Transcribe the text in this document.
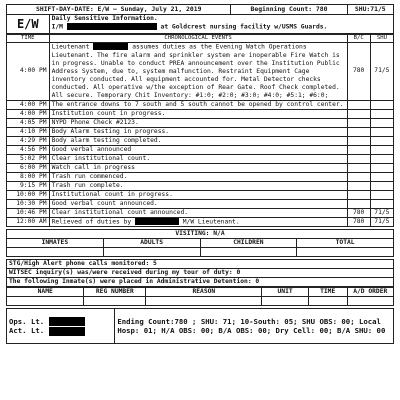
SHIFT-DAY-DATE: E/W – Sunday, July 21, 2019	Beginning Count: 780	SHU:71/5
E/W	Daily Sensitive Information.
I/M	at Goldcrest nursing facility w/USMS Guards.
TIME	CHRONOLOGICAL EVENTS	B/C	SHU
4:00 PM	Lieutenant assumes duties as the Evening Watch Operations Lieutenant. The fire alarm and sprinkler system are inoperable Fire Watch is in progress. Unable to conduct PREA announcement over the Institution Public Address System, due to, system malfunction. Restraint Equipment Cage inventory conducted. All equipment accounted for. Metal Detector checks conducted. All operative w/the exception of Rear Gate. Roof Check completed. All secure. Temporary Chit Inventory: #1:0; #2:0; #3:0; #4:0; #5:1; #6:0;	780	71/5
4:00 PM	The entrance downs to 7 south and 5 south cannot be opened by control center.		
4:00 PM	Institution count in progress.		
4:05 PM	NYPD Phone Check #2123.		
4:10 PM	Body Alarm testing in progress.		
4:29 PM	Body alarm testing completed.		
4:56 PM	Good verbal announced		
5:02 PM	Clear institutional count.		
6:00 PM	Watch call in progress		
8:00 PM	Trash run commenced.		
9:15 PM	Trash run complete.		
10:00 PM	Institutional count in progress.		
10:30 PM	Good verbal count announced.		
10:46 PM	Clear institutional count announced.	780	71/5
12:00 AM	Relieved of duties by M/W Lieutenant.	780	71/5
VISITING: N/A			
INMATES	ADULTS	CHILDREN	TOTAL

STG/High Alert phone calls monitored: 5
WITSEC inquiry(s) was/were received during my tour of duty: 0
The following Inmate(s) were placed in Administrative Detention: 0
NAME	REG NUMBER	REASON	UNIT	TIME	A/D ORDER

Ops. Lt.
Act. Lt.
	Ending Count:780 ; SHU: 71; 10-South: 05; SHU OBS: 00; Local Hosp: 01; H/A OBS: 00; B/A OBS: 00; Dry Cell: 00; B/A SHU: 00
